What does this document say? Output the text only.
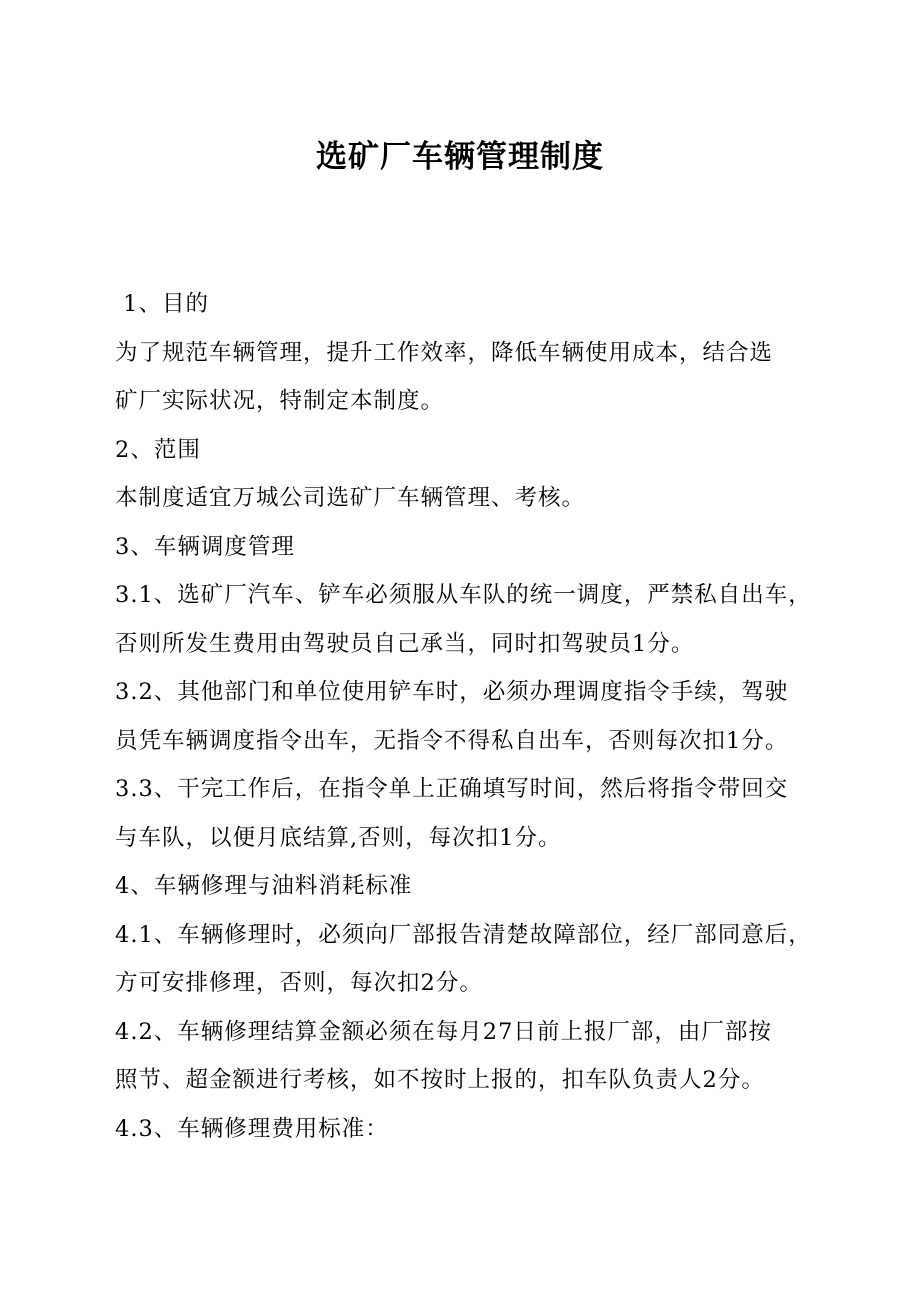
选矿厂车辆管理制度

1、目的

为了规范车辆管理，提升工作效率，降低车辆使用成本，结合选

矿厂实际状况，特制定本制度。

2、范围

本制度适宜万城公司选矿厂车辆管理、考核。

3、车辆调度管理

3.1、选矿厂汽车、铲车必须服从车队的统一调度，严禁私自出车，

否则所发生费用由驾驶员自己承当，同时扣驾驶员1分。

3.2、其他部门和单位使用铲车时，必须办理调度指令手续，驾驶

员凭车辆调度指令出车，无指令不得私自出车，否则每次扣1分。

3.3、干完工作后，在指令单上正确填写时间，然后将指令带回交

与车队，以便月底结算,否则，每次扣1分。

4、车辆修理与油料消耗标准

4.1、车辆修理时，必须向厂部报告清楚故障部位，经厂部同意后，

方可安排修理，否则，每次扣2分。

4.2、车辆修理结算金额必须在每月27日前上报厂部，由厂部按

照节、超金额进行考核，如不按时上报的，扣车队负责人2分。

4.3、车辆修理费用标准：
